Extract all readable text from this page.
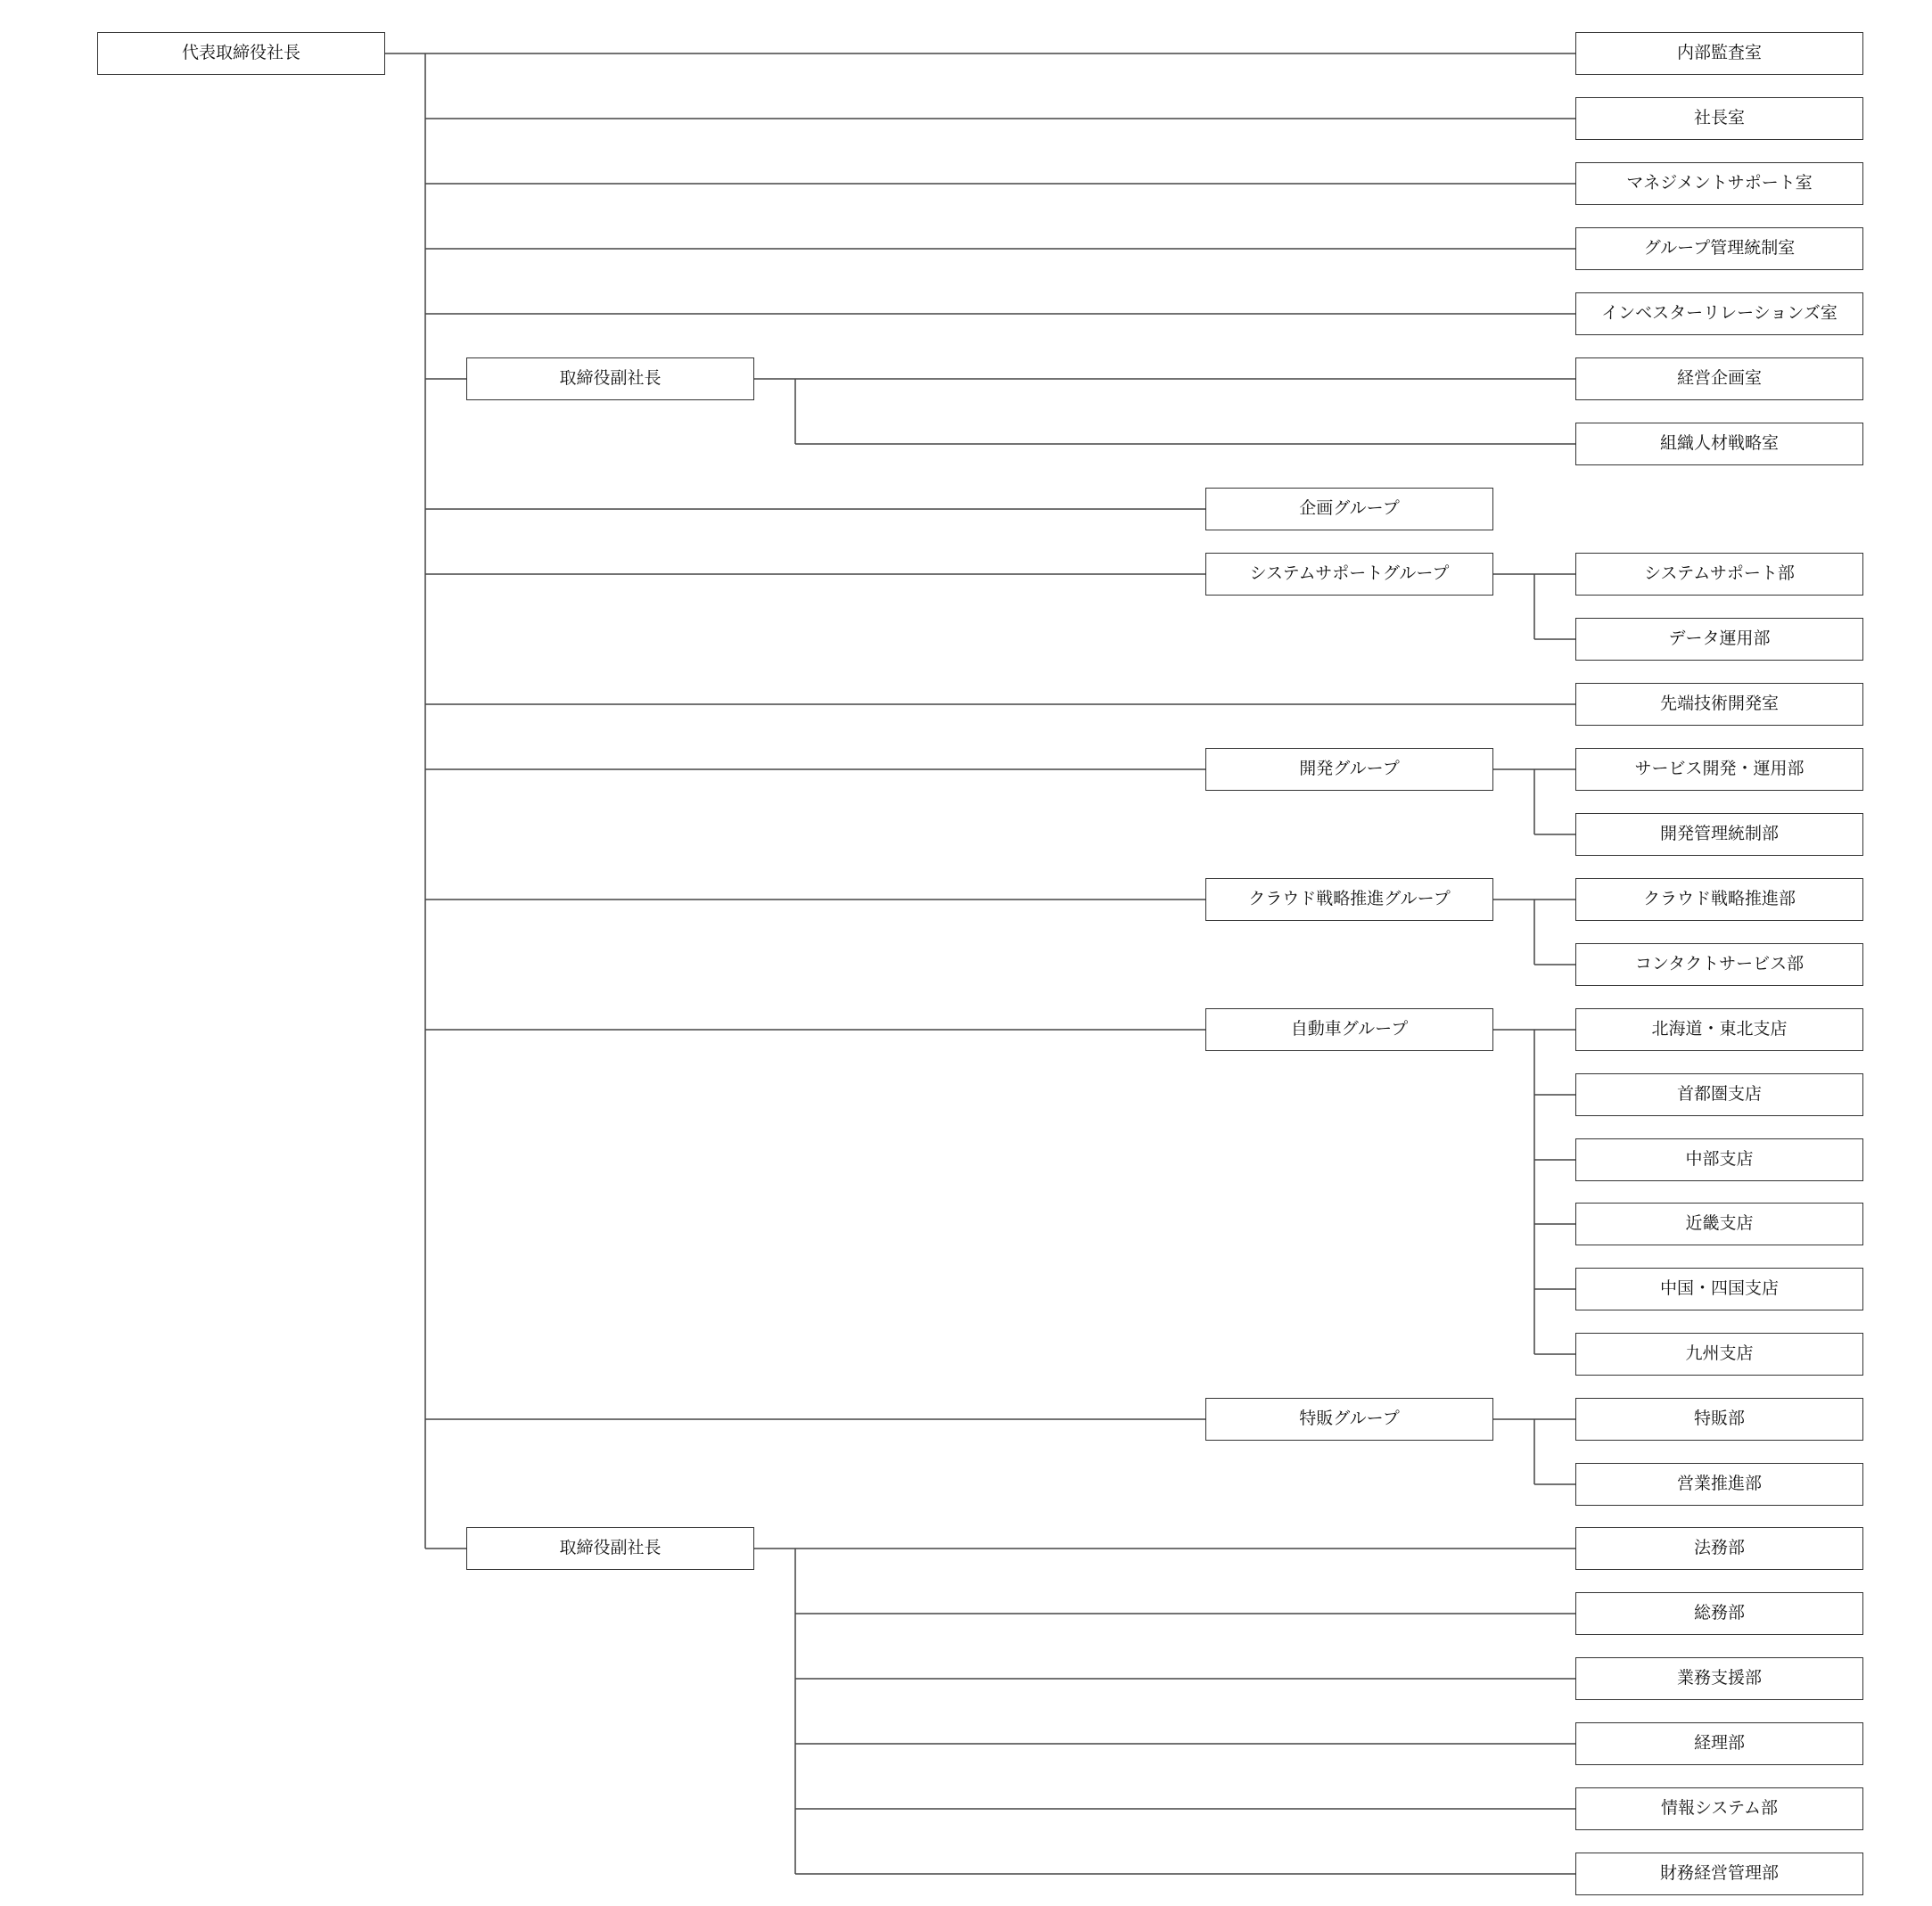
代表取締役社長	内部監査室
社長室
マネジメントサポート室
グループ管理統制室
インベスターリレーションズ室
取締役副社長	経営企画室
組織人材戦略室
企画グループ
システムサポートグループ	システムサポート部
データ運用部
先端技術開発室
開発グループ	サービス開発・運用部
開発管理統制部
クラウド戦略推進グループ	クラウド戦略推進部
コンタクトサービス部
自動車グループ	北海道・東北支店
首都圏支店
中部支店
近畿支店
中国・四国支店
九州支店
特販グループ	特販部
営業推進部
取締役副社長	法務部
総務部
業務支援部
経理部
情報システム部
財務経営管理部
